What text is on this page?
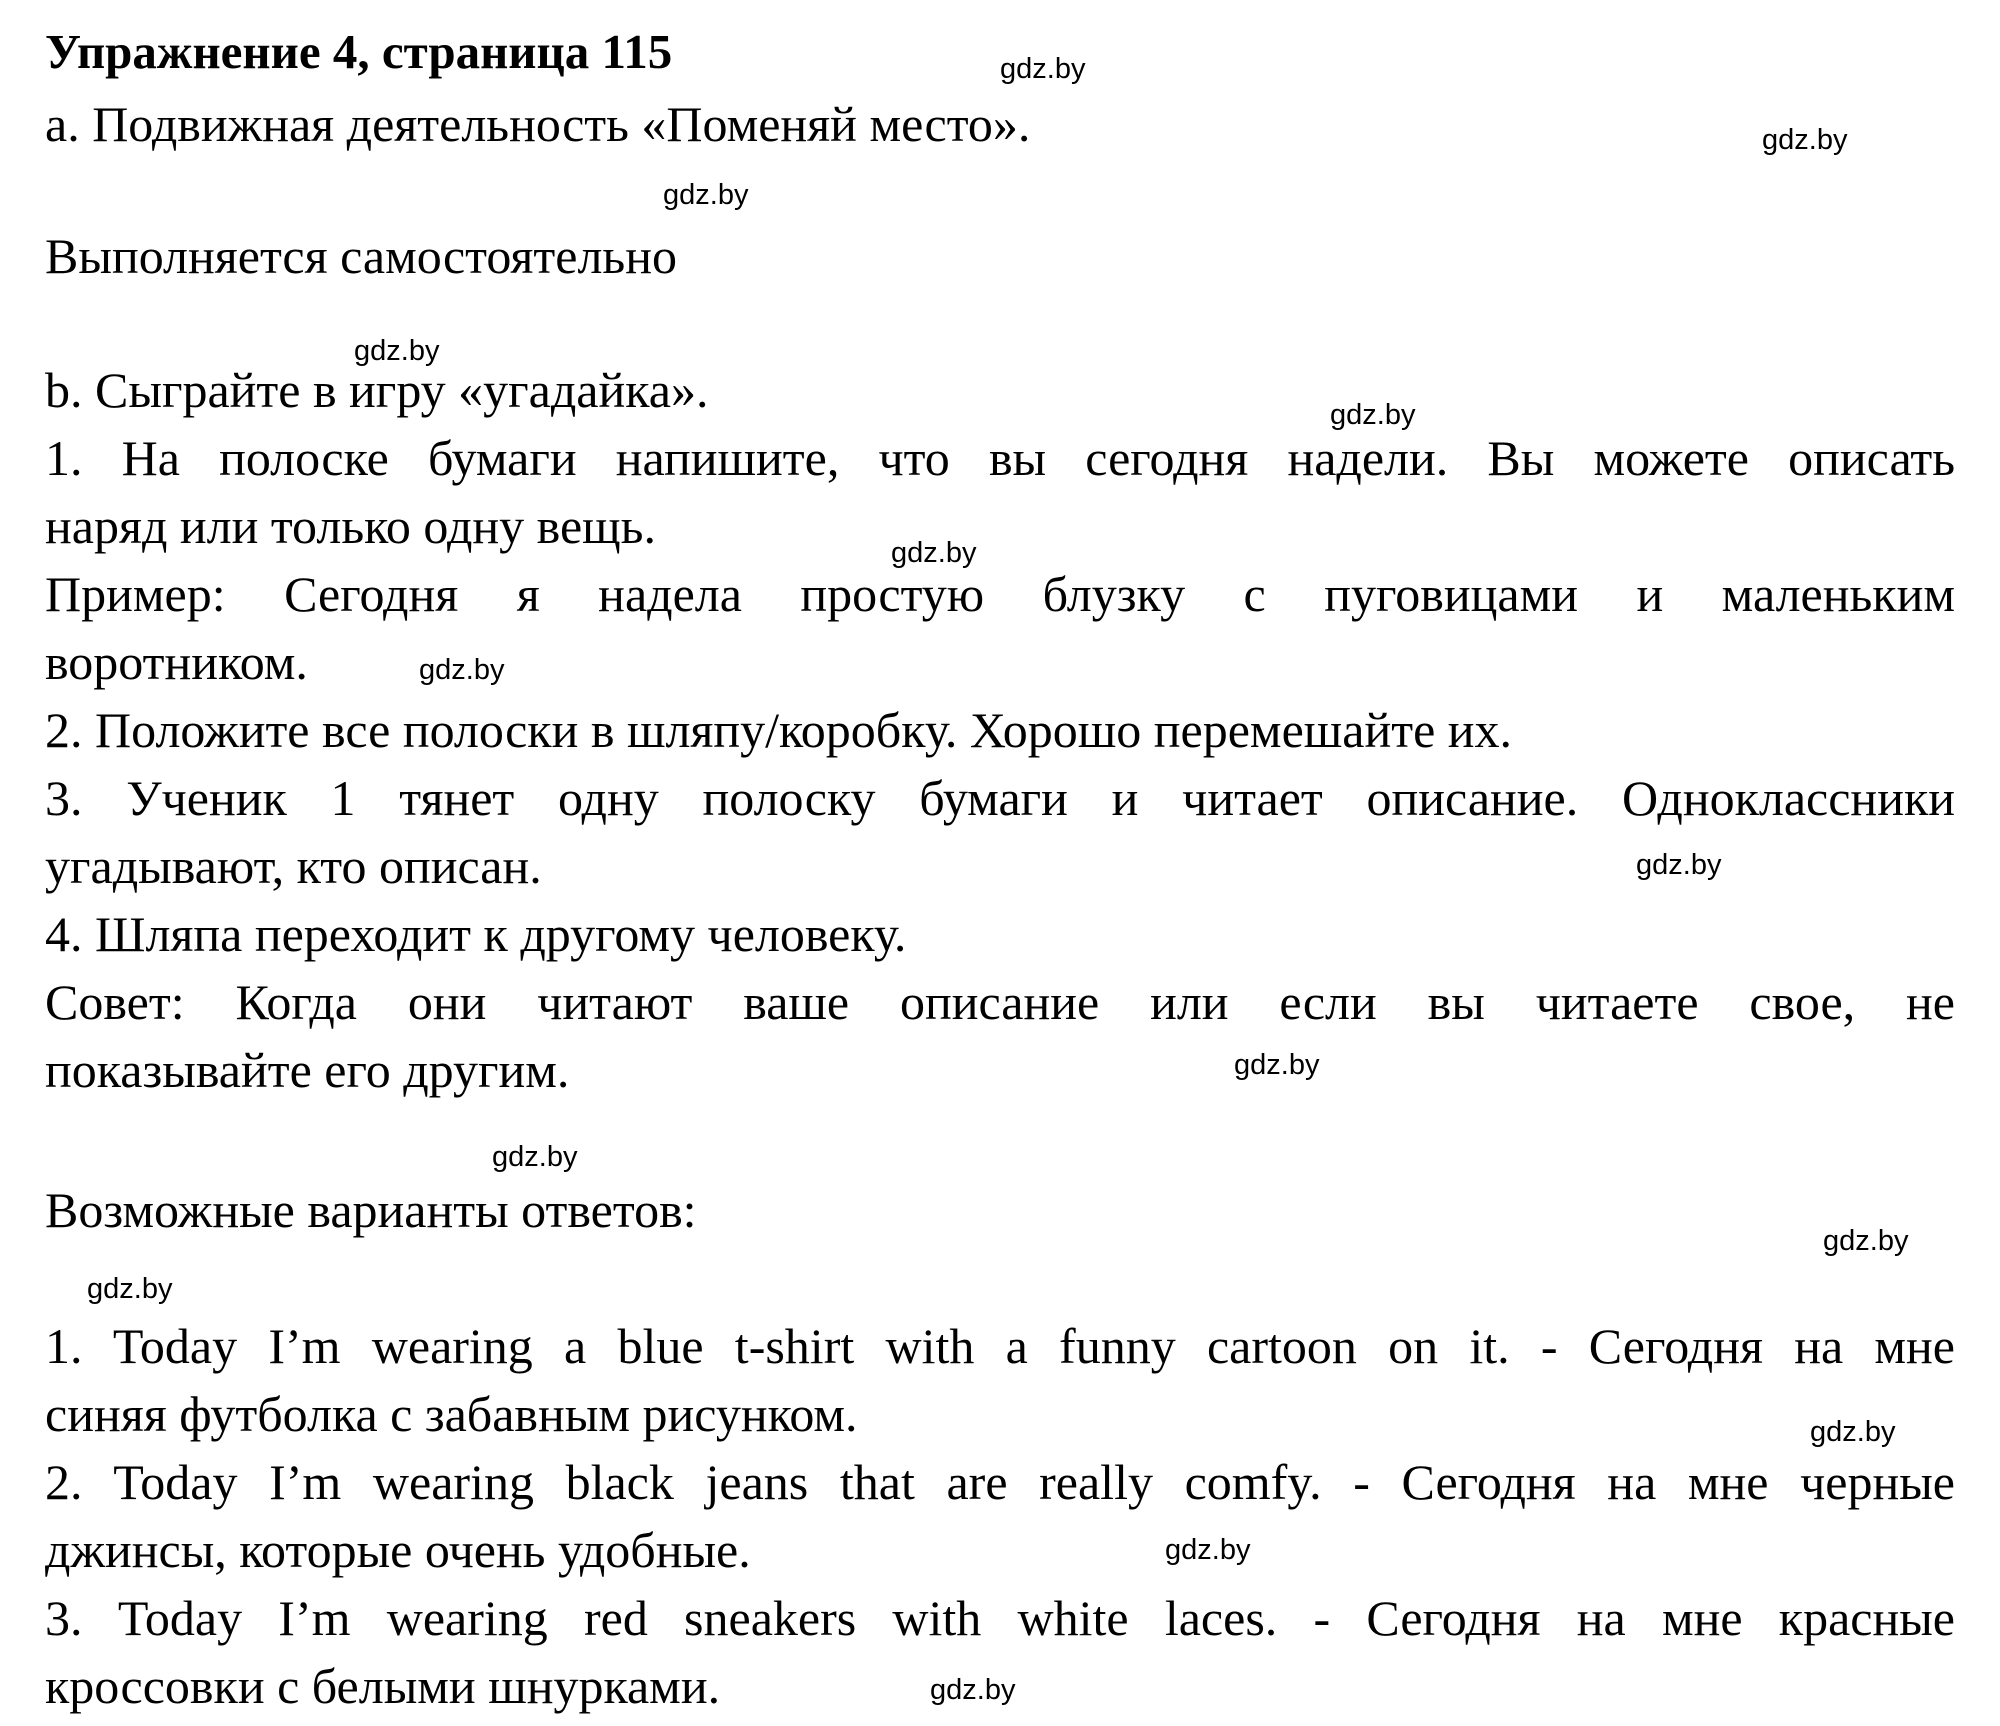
Упражнение 4, страница 115
a. Подвижная деятельность «Поменяй место».
Выполняется самостоятельно
b. Сыграйте в игру «угадайка».
1. На полоске бумаги напишите, что вы сегодня надели. Вы можете описать
наряд или только одну вещь.
Пример: Сегодня я надела простую блузку с пуговицами и маленьким
воротником.
2. Положите все полоски в шляпу/коробку. Хорошо перемешайте их.
3. Ученик 1 тянет одну полоску бумаги и читает описание. Одноклассники
угадывают, кто описан.
4. Шляпа переходит к другому человеку.
Совет: Когда они читают ваше описание или если вы читаете свое, не
показывайте его другим.
Возможные варианты ответов:
1. Today I’m wearing a blue t-shirt with a funny cartoon on it. - Сегодня на мне
синяя футболка с забавным рисунком.
2. Today I’m wearing black jeans that are really comfy. - Сегодня на мне черные
джинсы, которые очень удобные.
3. Today I’m wearing red sneakers with white laces. - Сегодня на мне красные
кроссовки с белыми шнурками.
gdz.by
gdz.by
gdz.by
gdz.by
gdz.by
gdz.by
gdz.by
gdz.by
gdz.by
gdz.by
gdz.by
gdz.by
gdz.by
gdz.by
gdz.by
